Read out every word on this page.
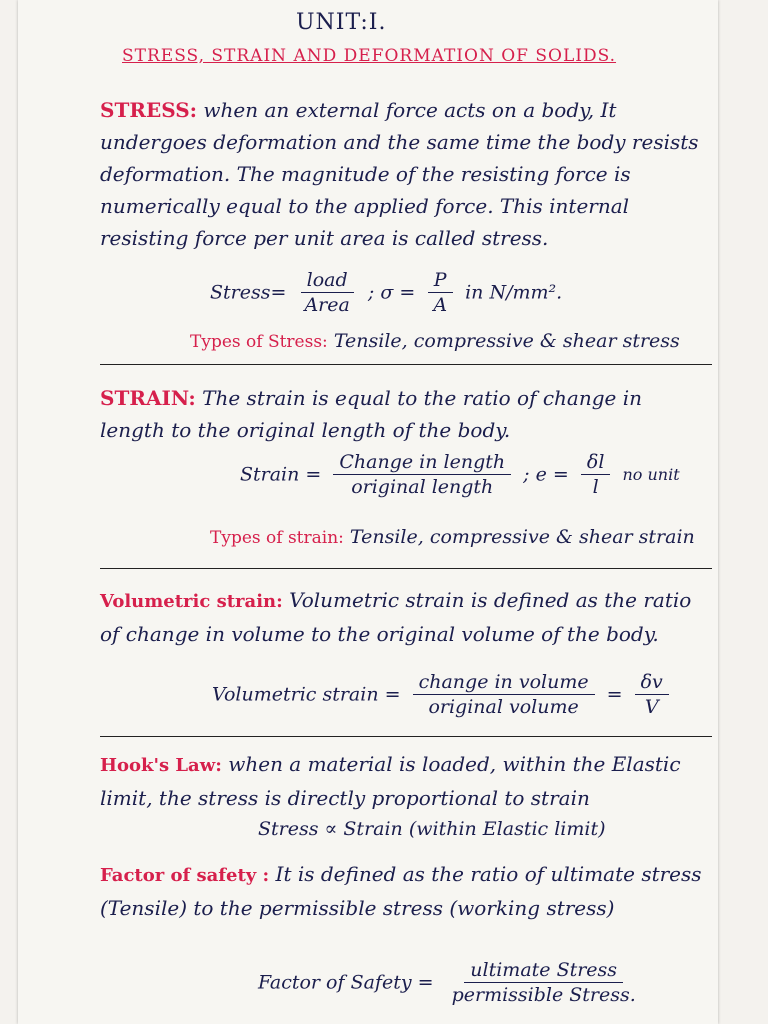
UNIT:I.
STRESS, STRAIN AND DEFORMATION OF SOLIDS.
STRESS: when an external force acts on a body, It undergoes deformation and the same time the body resists deformation. The magnitude of the resisting force is numerically equal to the applied force. This internal resisting force per unit area is called stress.
Stress= $\frac{\text{load}}{\text{Area}}$ ; $\sigma = \frac{P}{A}$ in N/mm².
Types of Stress: Tensile, compressive & shear stress
STRAIN: The strain is equal to the ratio of change in length to the original length of the body.
Strain = $\frac{\text{Change in length}}{\text{original length}}$ ; $e = \frac{\delta l}{l}$ no unit
Types of strain: Tensile, compressive & shear strain
Volumetric strain: Volumetric strain is defined as the ratio of change in volume to the original volume of the body.
Volumetric strain = $\frac{\text{change in volume}}{\text{original volume}} = \frac{\delta v}{V}$
Hook's Law: when a material is loaded, within the Elastic limit, the stress is directly proportional to strain
Stress ∝ Strain (within Elastic limit)
Factor of safety : It is defined as the ratio of ultimate stress (Tensile) to the permissible stress (working stress)
Factor of Safety = $\frac{\text{ultimate Stress}}{\text{permissible Stress.}}$
